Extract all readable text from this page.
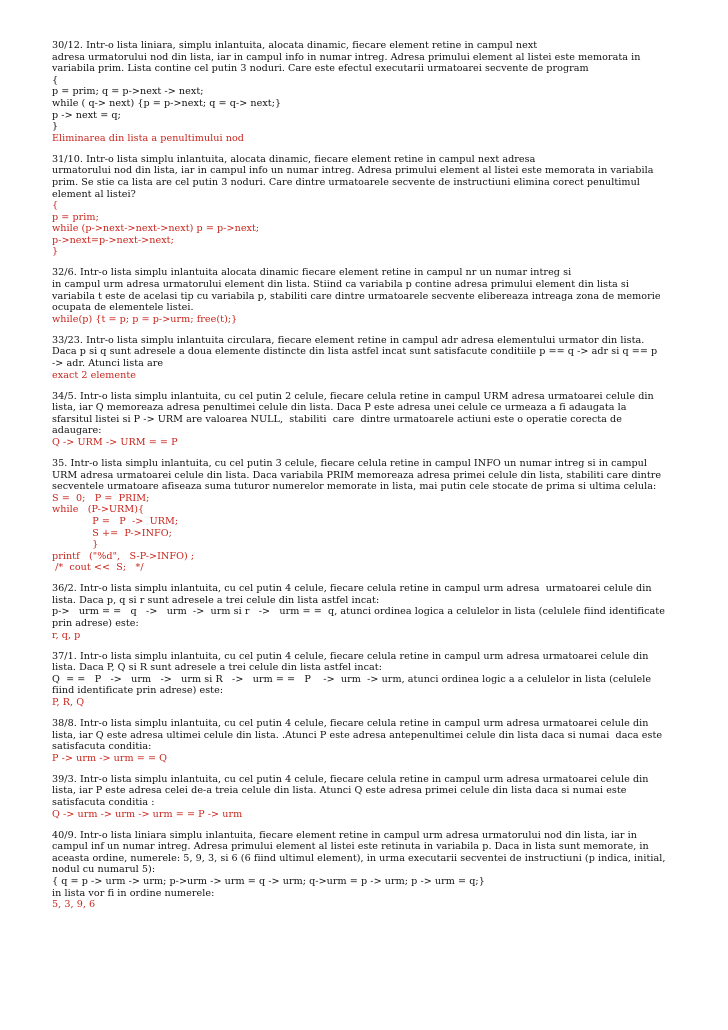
30/12. Intr-o lista liniara, simplu inlantuita, alocata dinamic, fiecare element retine in campul next
adresa urmatorului nod din lista, iar in campul info in numar intreg. Adresa primului element al listei este memorata in
variabila prim. Lista contine cel putin 3 noduri. Care este efectul executarii urmatoarei secvente de program
{
p = prim; q = p->next -> next;
while ( q-> next) {p = p->next; q = q-> next;}
p -> next = q;
}
Eliminarea din lista a penultimului nod
31/10. Intr-o lista simplu inlantuita, alocata dinamic, fiecare element retine in campul next adresa
urmatorului nod din lista, iar in campul info un numar intreg. Adresa primului element al listei este memorata in variabila
prim. Se stie ca lista are cel putin 3 noduri. Care dintre urmatoarele secvente de instructiuni elimina corect penultimul
element al listei?
{
p = prim;
while (p->next->next->next) p = p->next;
p->next=p->next->next;
}
32/6. Intr-o lista simplu inlantuita alocata dinamic fiecare element retine in campul nr un numar intreg si
in campul urm adresa urmatorului element din lista. Stiind ca variabila p contine adresa primului element din lista si
variabila t este de acelasi tip cu variabila p, stabiliti care dintre urmatoarele secvente elibereaza intreaga zona de memorie
ocupata de elementele listei.
while(p) {t = p; p = p->urm; free(t);}
33/23. Intr-o lista simplu inlantuita circulara, fiecare element retine in campul adr adresa elementului urmator din lista.
Daca p si q sunt adresele a doua elemente distincte din lista astfel incat sunt satisfacute conditiile p == q -> adr si q == p
-> adr. Atunci lista are
exact 2 elemente
34/5. Intr-o lista simplu inlantuita, cu cel putin 2 celule, fiecare celula retine in campul URM adresa urmatoarei celule din
lista, iar Q memoreaza adresa penultimei celule din lista. Daca P este adresa unei celule ce urmeaza a fi adaugata la
sfarsitul listei si P -> URM are valoarea NULL,  stabiliti  care  dintre urmatoarele actiuni este o operatie corecta de
adaugare:
Q -> URM -> URM = = P
35. Intr-o lista simplu inlantuita, cu cel putin 3 celule, fiecare celula retine in campul INFO un numar intreg si in campul
URM adresa urmatoarei celule din lista. Daca variabila PRIM memoreaza adresa primei celule din lista, stabiliti care dintre
secventele urmatoare afiseaza suma tuturor numerelor memorate in lista, mai putin cele stocate de prima si ultima celula:
S =  0;   P =  PRIM;
while   (P->URM){
P =   P  ->  URM;
S +=  P->INFO;
}
printf   ("%d",   S-P->INFO) ;
/*  cout <<  S;   */
36/2. Intr-o lista simplu inlantuita, cu cel putin 4 celule, fiecare celula retine in campul urm adresa  urmatoarei celule din
lista. Daca p, q si r sunt adresele a trei celule din lista astfel incat:
p->   urm = =   q   ->   urm  ->  urm si r   ->   urm = =  q, atunci ordinea logica a celulelor in lista (celulele fiind identificate
prin adrese) este:
r, q, p
37/1. Intr-o lista simplu inlantuita, cu cel putin 4 celule, fiecare celula retine in campul urm adresa urmatoarei celule din
lista. Daca P, Q si R sunt adresele a trei celule din lista astfel incat:
Q  = =   P   ->   urm   ->   urm si R   ->   urm = =   P    ->  urm  -> urm, atunci ordinea logic a a celulelor in lista (celulele
fiind identificate prin adrese) este:
P, R, Q
38/8. Intr-o lista simplu inlantuita, cu cel putin 4 celule, fiecare celula retine in campul urm adresa urmatoarei celule din
lista, iar Q este adresa ultimei celule din lista. .Atunci P este adresa antepenultimei celule din lista daca si numai  daca este
satisfacuta conditia:
P -> urm -> urm = = Q
39/3. Intr-o lista simplu inlantuita, cu cel putin 4 celule, fiecare celula retine in campul urm adresa urmatoarei celule din
lista, iar P este adresa celei de-a treia celule din lista. Atunci Q este adresa primei celule din lista daca si numai este
satisfacuta conditia :
Q -> urm -> urm -> urm = = P -> urm
40/9. Intr-o lista liniara simplu inlantuita, fiecare element retine in campul urm adresa urmatorului nod din lista, iar in
campul inf un numar intreg. Adresa primului element al listei este retinuta in variabila p. Daca in lista sunt memorate, in
aceasta ordine, numerele: 5, 9, 3, si 6 (6 fiind ultimul element), in urma executarii secventei de instructiuni (p indica, initial,
nodul cu numarul 5):
{ q = p -> urm -> urm; p->urm -> urm = q -> urm; q->urm = p -> urm; p -> urm = q;}
in lista vor fi in ordine numerele:
5, 3, 9, 6
